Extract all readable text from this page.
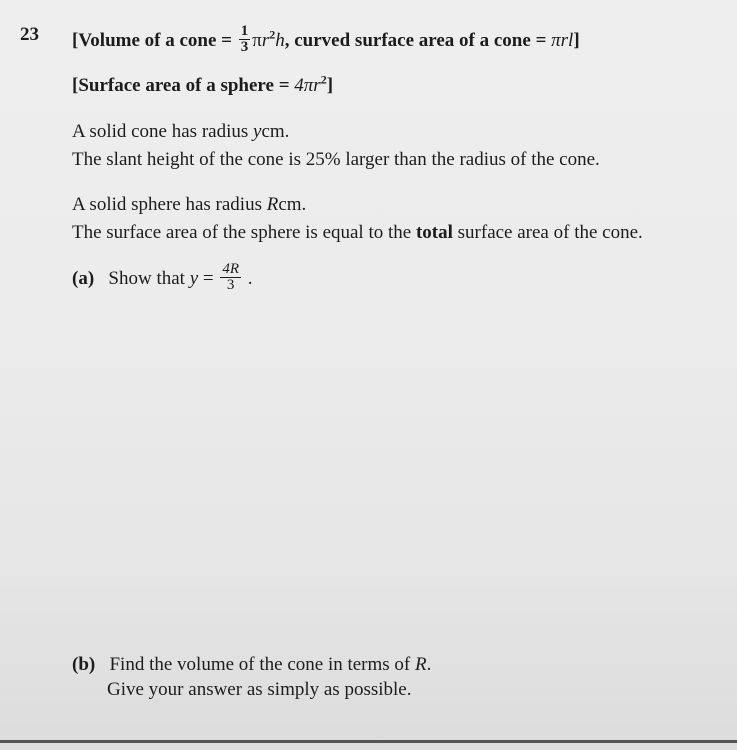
23 [Volume of a cone = $\frac{1}{3} \pi r^2h$, curved surface area of a cone = πrl]
[Surface area of a sphere = $4\pi r^2$]
A solid cone has radius ycm.
The slant height of the cone is 25% larger than the radius of the cone.
A solid sphere has radius Rcm.
The surface area of the sphere is equal to the total surface area of the cone.
(a) Show that $y = \frac{4R}{3}$ .
(b) Find the volume of the cone in terms of R.
Give your answer as simply as possible.
